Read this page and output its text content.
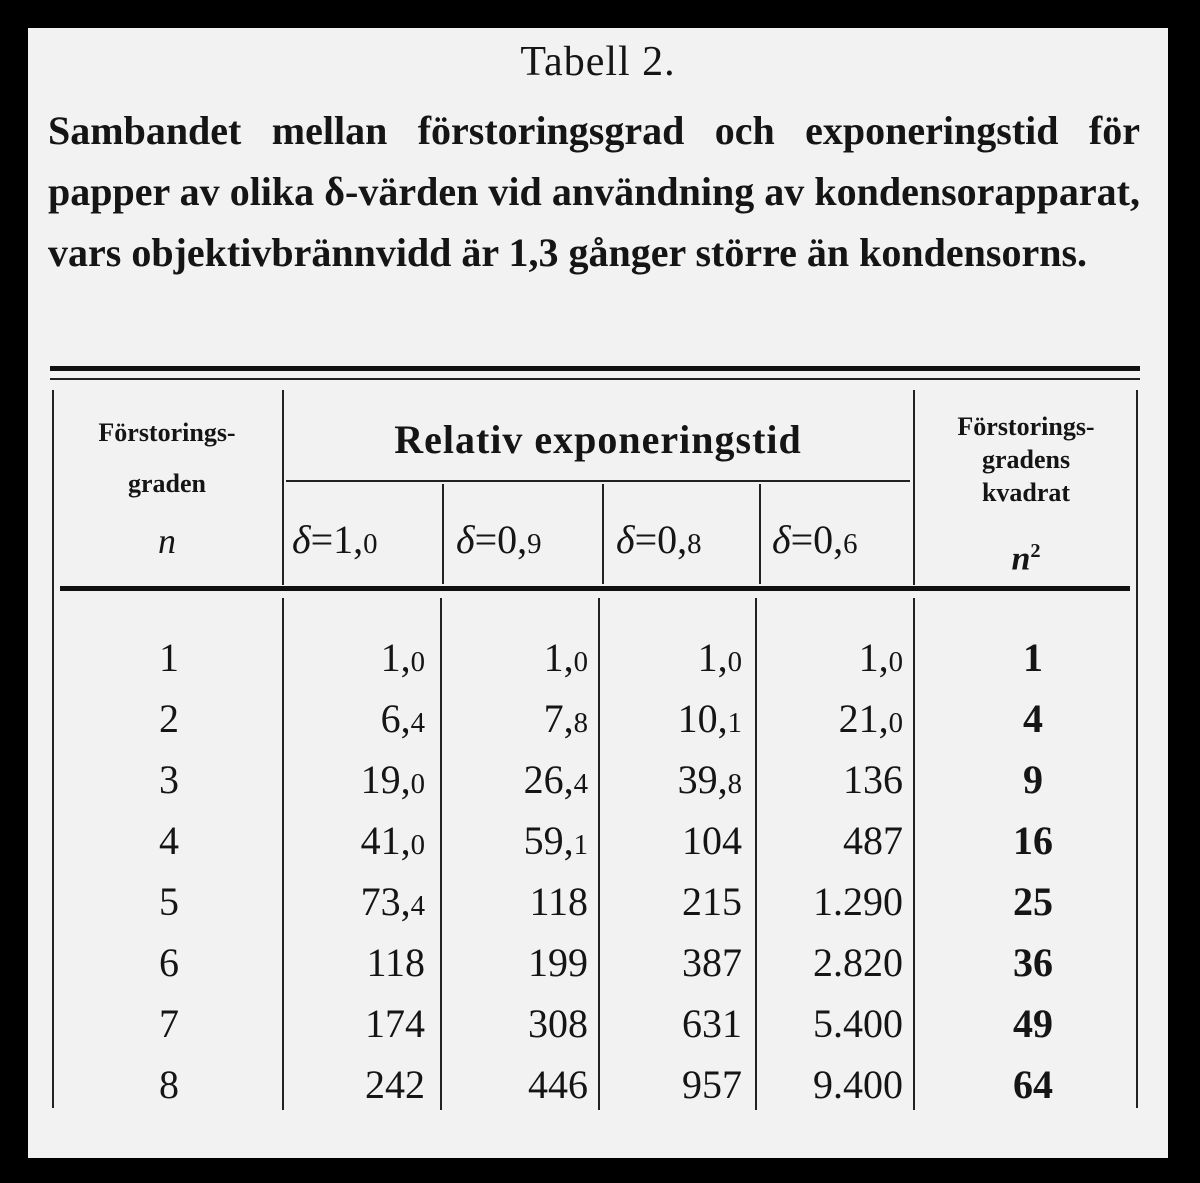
Tabell 2.
Sambandet mellan förstoringsgrad och exponeringstid för papper av olika δ-värden vid användning av kondensorapparat, vars objektivbrännvidd är 1,3 gånger större än kondensorns.
Förstorings-
graden
n
Relativ exponeringstid
δ=1,0 δ=0,9 δ=0,8 δ=0,6
Förstorings-
gradens
kvadrat
$n^2$
1	1,0	1,0	1,0	1,0	1
2	6,4	7,8	10,1	21,0	4
3	19,0	26,4	39,8	136	9
4	41,0	59,1	104	487	16
5	73,4	118	215	1.290	25
6	118	199	387	2.820	36
7	174	308	631	5.400	49
8	242	446	957	9.400	64
